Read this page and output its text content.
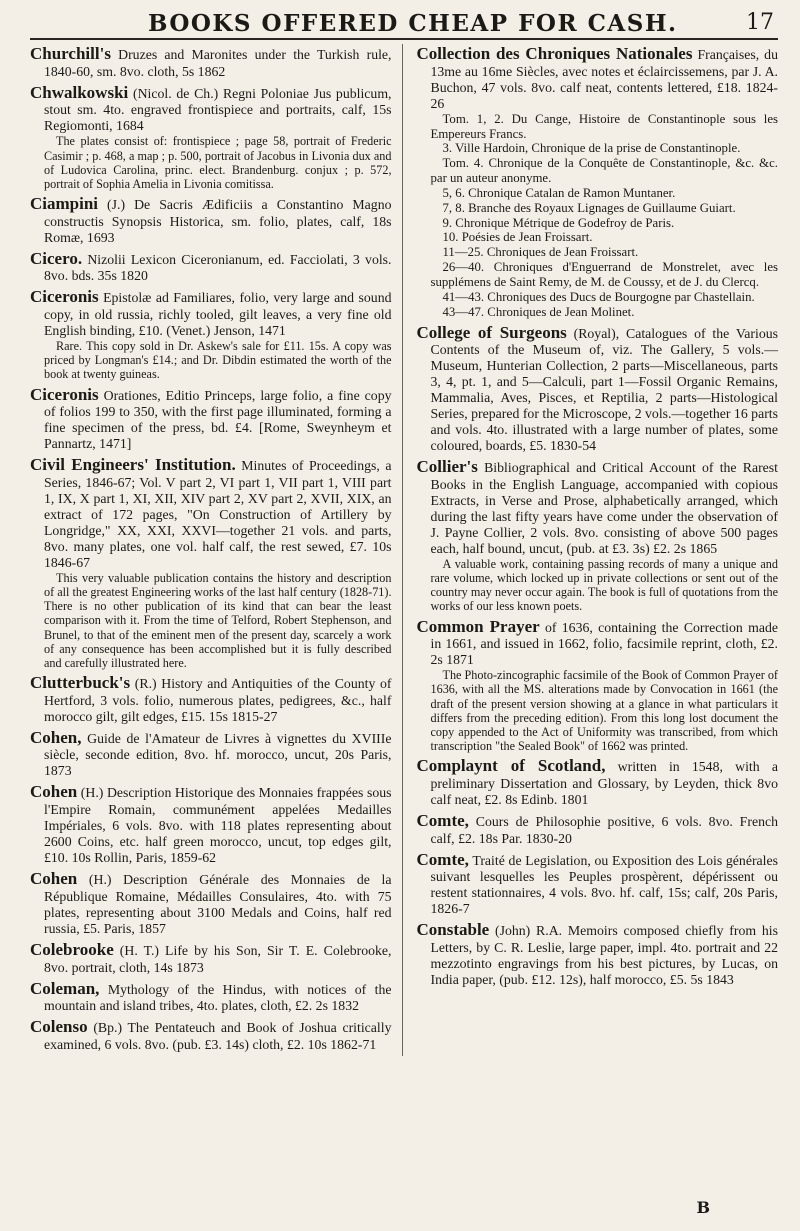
BOOKS OFFERED CHEAP FOR CASH.	17
Churchill's Druzes and Maronites under the Turkish rule, 1840-60, sm. 8vo. cloth, 5s 1862
Chwalkowski (Nicol. de Ch.) Regni Poloniae Jus publicum, stout sm. 4to. engraved frontispiece and portraits, calf, 15s Regiomonti, 1684
The plates consist of: frontispiece ; page 58, portrait of Frederic Casimir ; p. 468, a map ; p. 500, portrait of Jacobus in Livonia dux and of Ludovica Carolina, princ. elect. Brandenburg. conjux ; p. 572, portrait of Sophia Amelia in Livonia comitissa.
Ciampini (J.) De Sacris Ædificiis a Constantino Magno constructis Synopsis Historica, sm. folio, plates, calf, 18s Romæ, 1693
Cicero. Nizolii Lexicon Ciceronianum, ed. Facciolati, 3 vols. 8vo. bds. 35s 1820
Ciceronis Epistolæ ad Familiares, folio, very large and sound copy, in old russia, richly tooled, gilt leaves, a very fine old English binding, £10. (Venet.) Jenson, 1471
Rare. This copy sold in Dr. Askew's sale for £11. 15s. A copy was priced by Longman's £14.; and Dr. Dibdin estimated the worth of the book at twenty guineas.
Ciceronis Orationes, Editio Princeps, large folio, a fine copy of folios 199 to 350, with the first page illuminated, forming a fine specimen of the press, bd. £4. [Rome, Sweynheym et Pannartz, 1471]
Civil Engineers' Institution. Minutes of Proceedings, a Series, 1846-67; Vol. V part 2, VI part 1, VII part 1, VIII part 1, IX, X part 1, XI, XII, XIV part 2, XV part 2, XVII, XIX, an extract of 172 pages, "On Construction of Artillery by Longridge," XX, XXI, XXVI—together 21 vols. and parts, 8vo. many plates, one vol. half calf, the rest sewed, £7. 10s 1846-67
This very valuable publication contains the history and description of all the greatest Engineering works of the last half century (1828-71). There is no other publication of its kind that can bear the least comparison with it. From the time of Telford, Robert Stephenson, and Brunel, to that of the eminent men of the present day, scarcely a work of any consequence has been accomplished but it is fully described and carefully illustrated here.
Clutterbuck's (R.) History and Antiquities of the County of Hertford, 3 vols. folio, numerous plates, pedigrees, &c., half morocco gilt, gilt edges, £15. 15s 1815-27
Cohen, Guide de l'Amateur de Livres à vignettes du XVIIIe siècle, seconde edition, 8vo. hf. morocco, uncut, 20s Paris, 1873
Cohen (H.) Description Historique des Monnaies frappées sous l'Empire Romain, communément appelées Medailles Impériales, 6 vols. 8vo. with 118 plates representing about 2600 Coins, etc. half green morocco, uncut, top edges gilt, £10. 10s Rollin, Paris, 1859-62
Cohen (H.) Description Générale des Monnaies de la République Romaine, Médailles Consulaires, 4to. with 75 plates, representing about 3100 Medals and Coins, half red russia, £5. Paris, 1857
Colebrooke (H. T.) Life by his Son, Sir T. E. Colebrooke, 8vo. portrait, cloth, 14s 1873
Coleman, Mythology of the Hindus, with notices of the mountain and island tribes, 4to. plates, cloth, £2. 2s 1832
Colenso (Bp.) The Pentateuch and Book of Joshua critically examined, 6 vols. 8vo. (pub. £3. 14s) cloth, £2. 10s 1862-71
Collection des Chroniques Nationales Françaises, du 13me au 16me Siècles, avec notes et éclaircissemens, par J. A. Buchon, 47 vols. 8vo. calf neat, contents lettered, £18. 1824-26
Tom. 1, 2. Du Cange, Histoire de Constantinople sous les Empereurs Francs.
3. Ville Hardoin, Chronique de la prise de Constantinople.
Tom. 4. Chronique de la Conquête de Constantinople, &c. &c. par un auteur anonyme.
5, 6. Chronique Catalan de Ramon Muntaner.
7, 8. Branche des Royaux Lignages de Guillaume Guiart.
9. Chronique Métrique de Godefroy de Paris.
10. Poésies de Jean Froissart.
11—25. Chroniques de Jean Froissart.
26—40. Chroniques d'Enguerrand de Monstrelet, avec les supplémens de Saint Remy, de M. de Coussy, et de J. du Clercq.
41—43. Chroniques des Ducs de Bourgogne par Chastellain.
43—47. Chroniques de Jean Molinet.
College of Surgeons (Royal), Catalogues of the Various Contents of the Museum of, viz. The Gallery, 5 vols.—Museum, Hunterian Collection, 2 parts—Miscellaneous, parts 3, 4, pt. 1, and 5—Calculi, part 1—Fossil Organic Remains, Mammalia, Aves, Pisces, et Reptilia, 2 parts—Histological Series, prepared for the Microscope, 2 vols.—together 16 parts and vols. 4to. illustrated with a large number of plates, some coloured, boards, £5. 1830-54
Collier's Bibliographical and Critical Account of the Rarest Books in the English Language, accompanied with copious Extracts, in Verse and Prose, alphabetically arranged, which during the last fifty years have come under the observation of J. Payne Collier, 2 vols. 8vo. consisting of above 500 pages each, half bound, uncut, (pub. at £3. 3s) £2. 2s 1865
A valuable work, containing passing records of many a unique and rare volume, which locked up in private collections or sent out of the country may never occur again. The book is full of quotations from the works of our less known poets.
Common Prayer of 1636, containing the Correction made in 1661, and issued in 1662, folio, facsimile reprint, cloth, £2. 2s 1871
The Photo-zincographic facsimile of the Book of Common Prayer of 1636, with all the MS. alterations made by Convocation in 1661 (the draft of the present version showing at a glance in what particulars it differs from the preceding edition). From this long lost document the copy appended to the Act of Uniformity was transcribed, from which transcription "the Sealed Book" of 1662 was printed.
Complaynt of Scotland, written in 1548, with a preliminary Dissertation and Glossary, by Leyden, thick 8vo calf neat, £2. 8s Edinb. 1801
Comte, Cours de Philosophie positive, 6 vols. 8vo. French calf, £2. 18s Par. 1830-20
Comte, Traité de Legislation, ou Exposition des Lois générales suivant lesquelles les Peuples prospèrent, dépérissent ou restent stationnaires, 4 vols. 8vo. hf. calf, 15s; calf, 20s Paris, 1826-7
Constable (John) R.A. Memoirs composed chiefly from his Letters, by C. R. Leslie, large paper, impl. 4to. portrait and 22 mezzotinto engravings from his best pictures, by Lucas, on India paper, (pub. £12. 12s), half morocco, £5. 5s 1843
B
